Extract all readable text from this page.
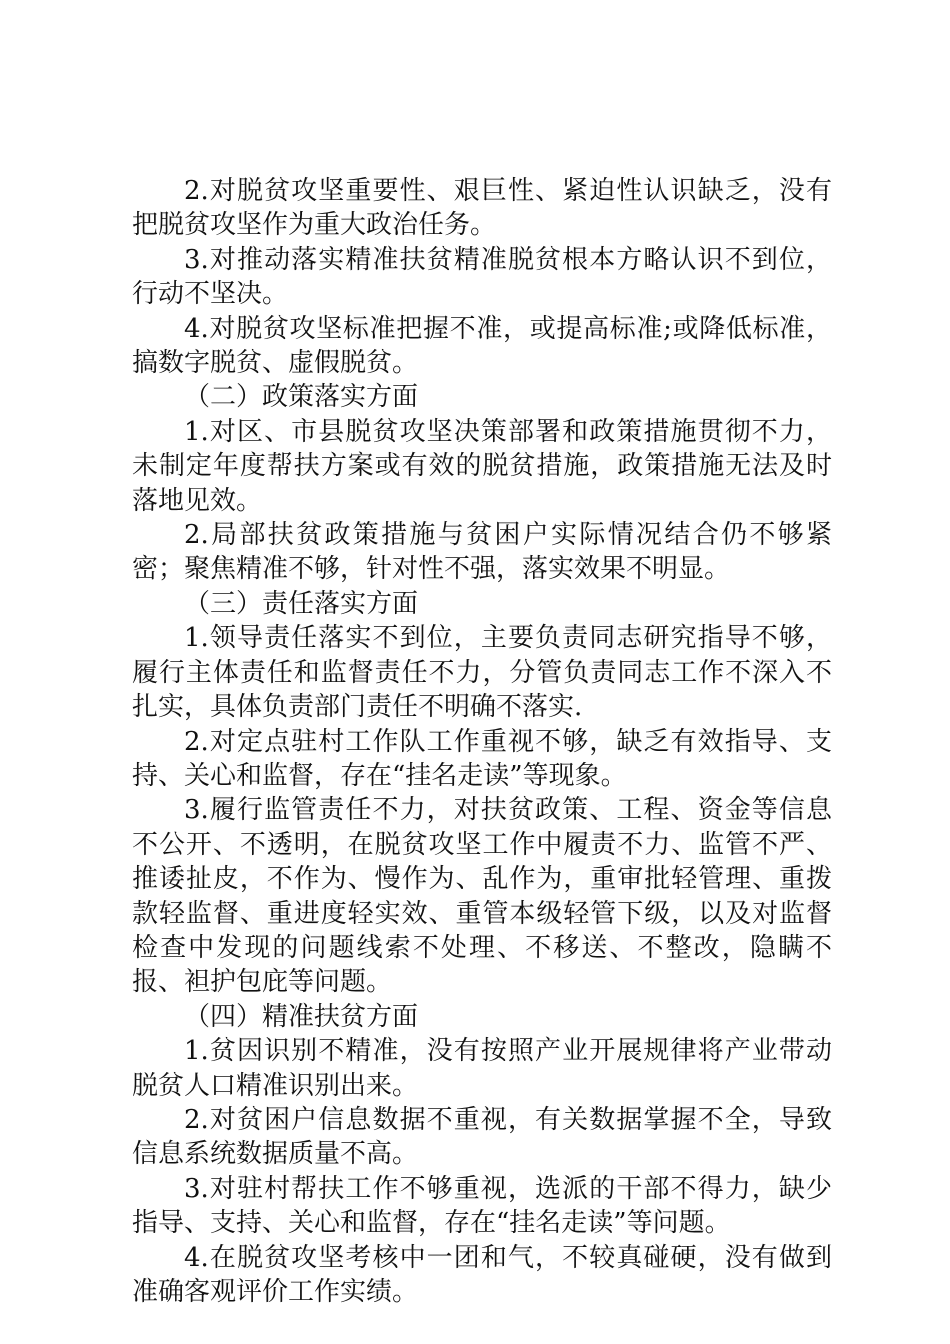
2.对脱贫攻坚重要性、艰巨性、紧迫性认识缺乏，没有把脱贫攻坚作为重大政治任务。

3.对推动落实精准扶贫精准脱贫根本方略认识不到位，行动不坚决。

4.对脱贫攻坚标准把握不准，或提高标准;或降低标准，搞数字脱贫、虚假脱贫。

（二）政策落实方面

1.对区、市县脱贫攻坚决策部署和政策措施贯彻不力，未制定年度帮扶方案或有效的脱贫措施，政策措施无法及时落地见效。

2.局部扶贫政策措施与贫困户实际情况结合仍不够紧密；聚焦精准不够，针对性不强，落实效果不明显。

（三）责任落实方面

1.领导责任落实不到位，主要负责同志研究指导不够，履行主体责任和监督责任不力，分管负责同志工作不深入不扎实，具体负责部门责任不明确不落实.

2.对定点驻村工作队工作重视不够，缺乏有效指导、支持、关心和监督，存在“挂名走读”等现象。

3.履行监管责任不力，对扶贫政策、工程、资金等信息不公开、不透明，在脱贫攻坚工作中履责不力、监管不严、推诿扯皮，不作为、慢作为、乱作为，重审批轻管理、重拨款轻监督、重进度轻实效、重管本级轻管下级，以及对监督检查中发现的问题线索不处理、不移送、不整改，隐瞒不报、袒护包庇等问题。

（四）精准扶贫方面

1.贫因识别不精准，没有按照产业开展规律将产业带动脱贫人口精准识别出来。

2.对贫困户信息数据不重视，有关数据掌握不全，导致信息系统数据质量不高。

3.对驻村帮扶工作不够重视，选派的干部不得力，缺少指导、支持、关心和监督，存在“挂名走读”等问题。

4.在脱贫攻坚考核中一团和气，不较真碰硬，没有做到准确客观评价工作实绩。
